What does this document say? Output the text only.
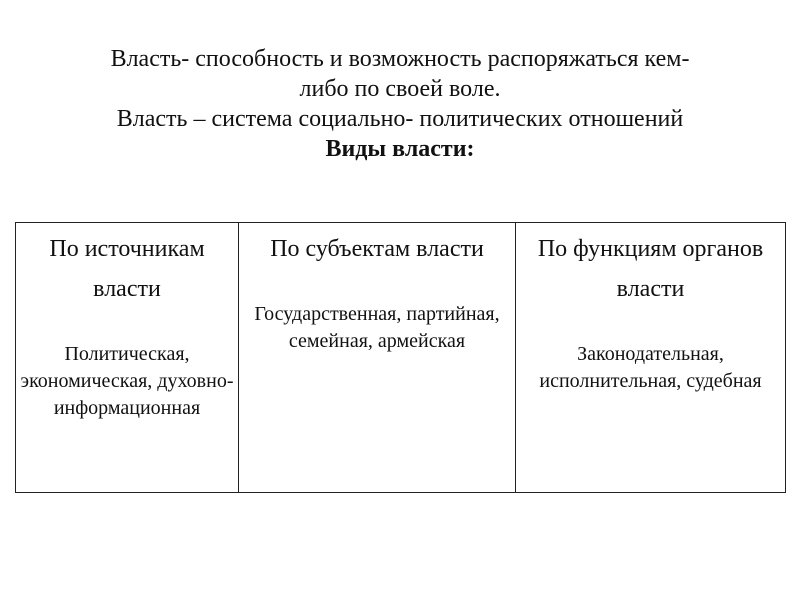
Власть- способность и возможность распоряжаться кем-

либо по своей воле.

Власть – система социально- политических отношений

Виды власти:

По источникам власти
Политическая, экономическая, духовно-информационная

По субъектам власти
Государственная, партийная, семейная, армейская

По функциям органов власти
Законодательная, исполнительная, судебная
